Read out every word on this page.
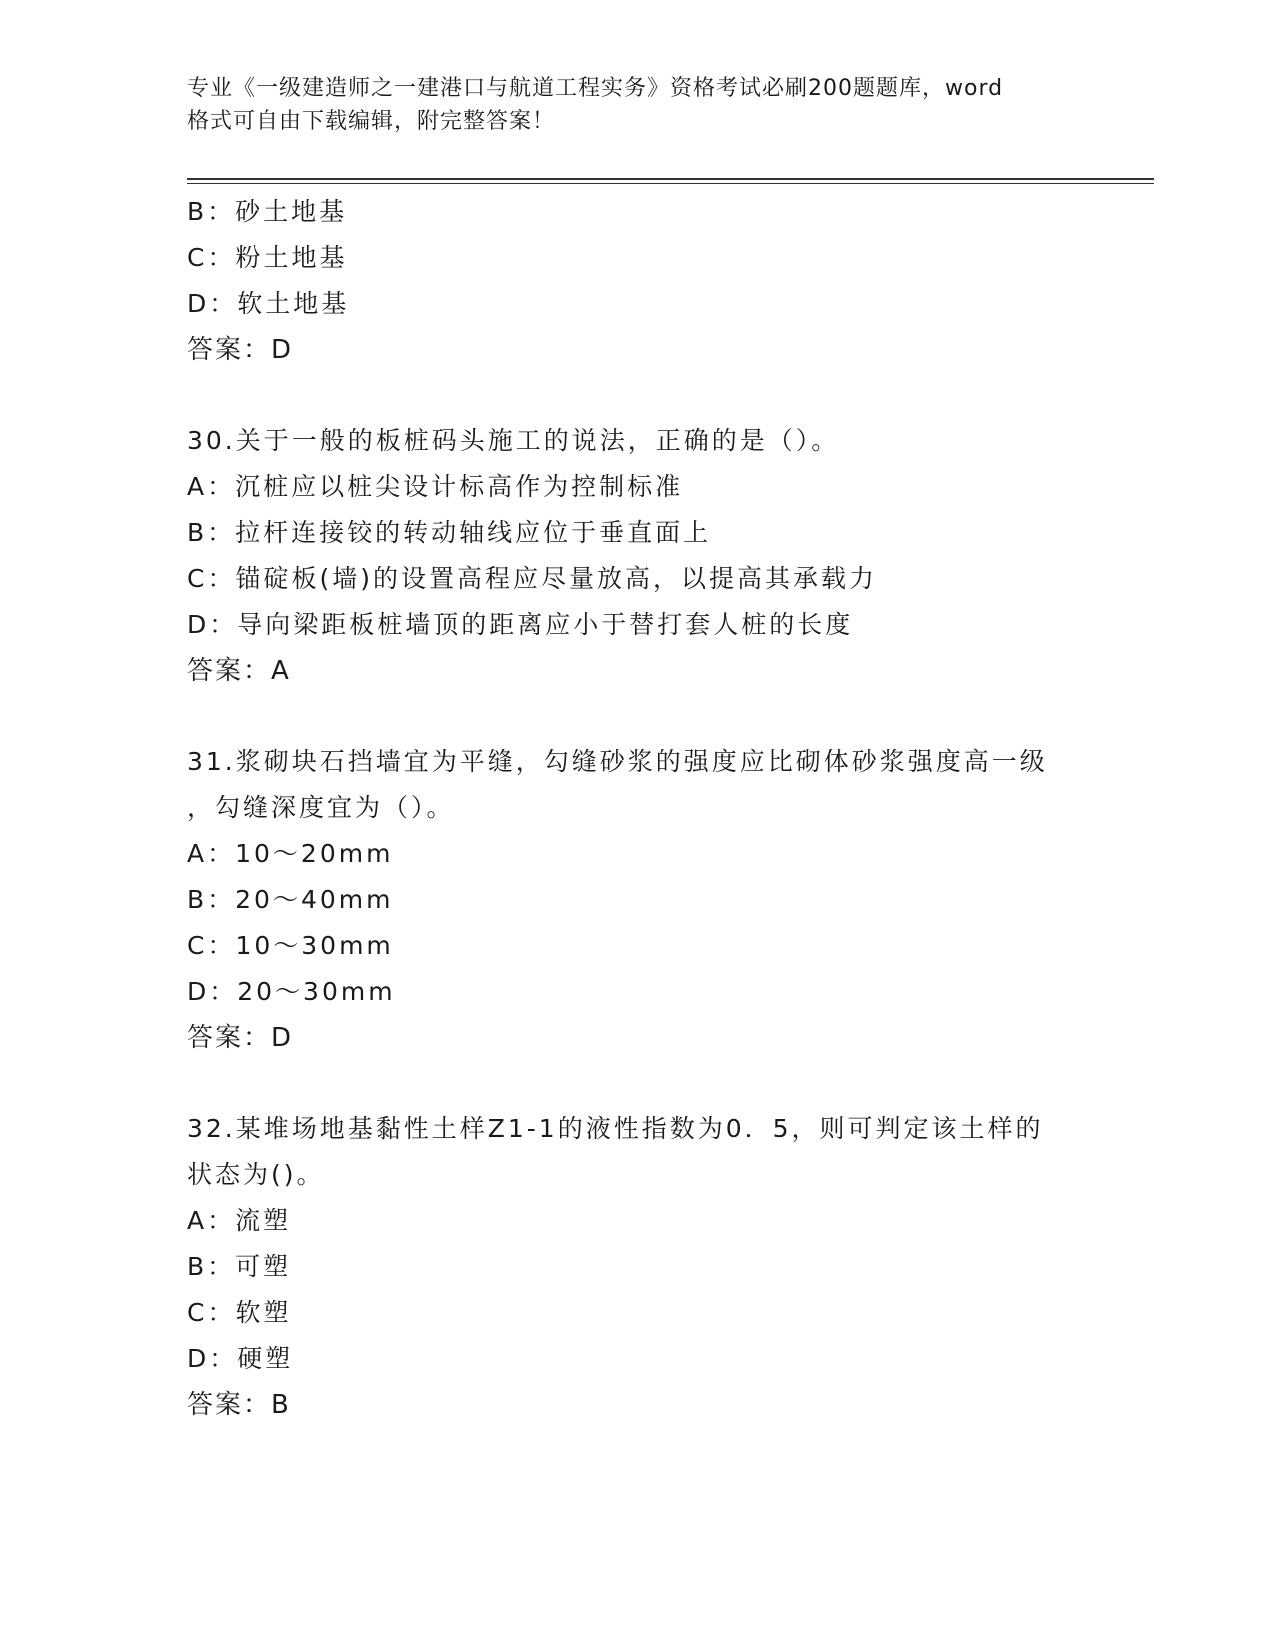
专业《一级建造师之一建港口与航道工程实务》资格考试必刷200题题库，word
格式可自由下载编辑，附完整答案！
B：砂土地基
C：粉土地基
D：软土地基
答案：D
30.关于一般的板桩码头施工的说法，正确的是（）。
A：沉桩应以桩尖设计标高作为控制标准
B：拉杆连接铰的转动轴线应位于垂直面上
C：锚碇板(墙)的设置高程应尽量放高，以提高其承载力
D：导向梁距板桩墙顶的距离应小于替打套人桩的长度
答案：A
31.浆砌块石挡墙宜为平缝，勾缝砂浆的强度应比砌体砂浆强度高一级
，勾缝深度宜为（）。
A：10～20mm
B：20～40mm
C：10～30mm
D：20～30mm
答案：D
32.某堆场地基黏性土样Z1-1的液性指数为0．5，则可判定该土样的
状态为()。
A：流塑
B：可塑
C：软塑
D：硬塑
答案：B
